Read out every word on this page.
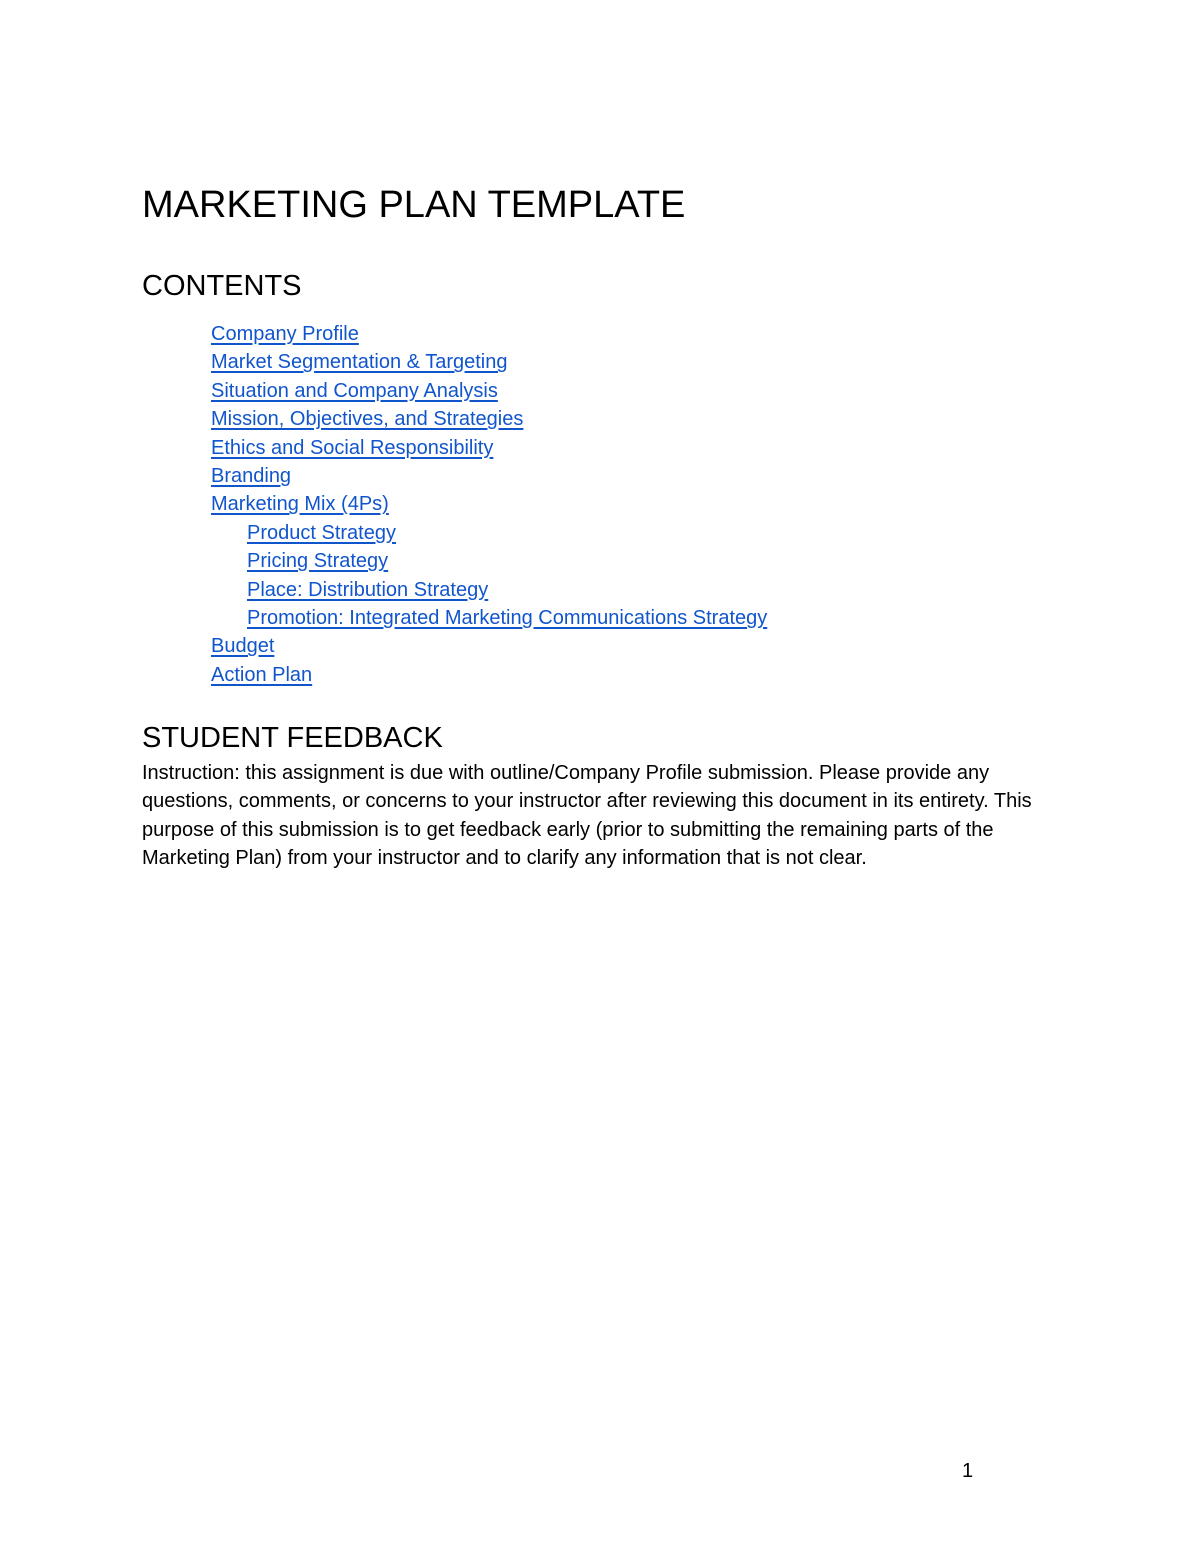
MARKETING PLAN TEMPLATE
CONTENTS
Company Profile
Market Segmentation & Targeting
Situation and Company Analysis
Mission, Objectives, and Strategies
Ethics and Social Responsibility
Branding
Marketing Mix (4Ps)
Product Strategy
Pricing Strategy
Place: Distribution Strategy
Promotion: Integrated Marketing Communications Strategy
Budget
Action Plan
STUDENT FEEDBACK

Instruction: this assignment is due with outline/Company Profile submission. Please provide any questions, comments, or concerns to your instructor after reviewing this document in its entirety. This purpose of this submission is to get feedback early (prior to submitting the remaining parts of the Marketing Plan) from your instructor and to clarify any information that is not clear.

1
